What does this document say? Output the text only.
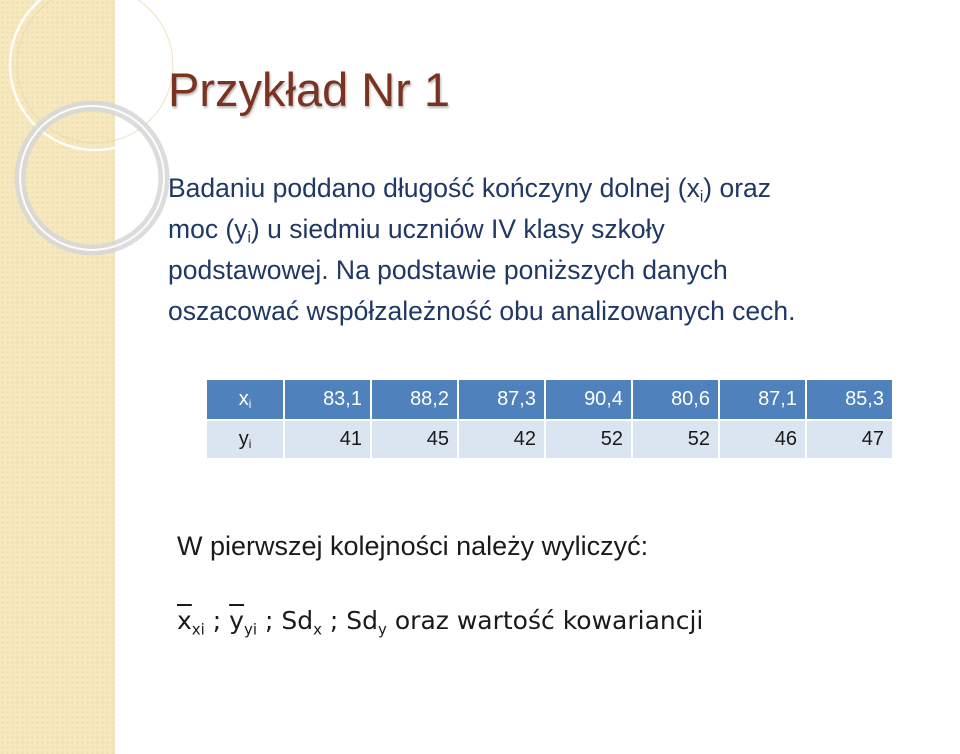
Przykład Nr 1

Badaniu poddano długość kończyny dolnej $(x_i)$ oraz
moc $(y_i)$ u siedmiu uczniów IV klasy szkoły
podstawowej. Na podstawie poniższych danych
oszacować współzależność obu analizowanych cech.

$x_i$	83,1	88,2	87,3	90,4	80,6	87,1	85,3
$y_i$	41	45	42	52	52	46	47

W pierwszej kolejności należy wyliczyć:

$\overline{x}_{xi}$ ; $\overline{y}_{yi}$ ; $Sd_x$ ; $Sd_y$ oraz wartość kowariancji
